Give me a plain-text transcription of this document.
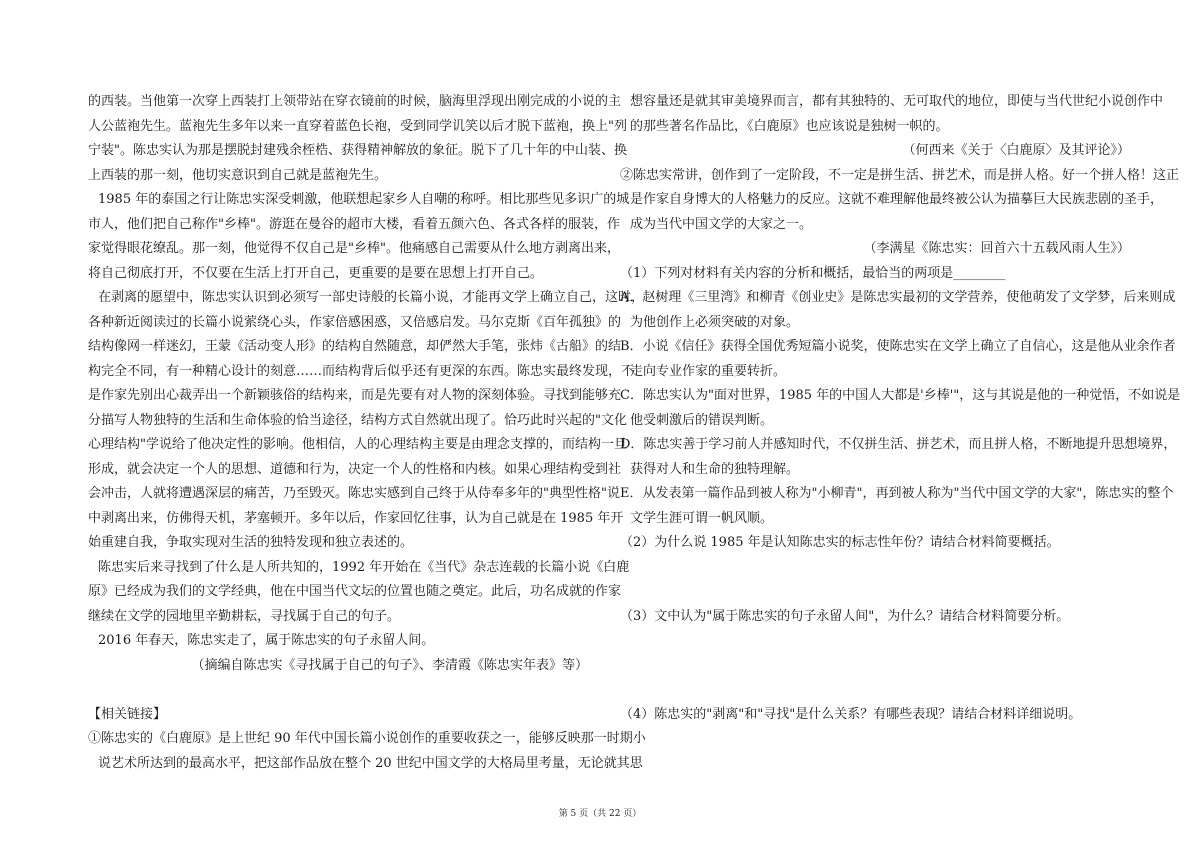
的西装。当他第一次穿上西装打上领带站在穿衣镜前的时候，脑海里浮现出刚完成的小说的主
人公蓝袍先生。蓝袍先生多年以来一直穿着蓝色长袍，受到同学讥笑以后才脱下蓝袍，换上"列
宁装"。陈忠实认为那是摆脱封建残余桎梏、获得精神解放的象征。脱下了几十年的中山装、换
上西装的那一刻，他切实意识到自己就是蓝袍先生。
1985 年的泰国之行让陈忠实深受刺激，他联想起家乡人自嘲的称呼。相比那些见多识广的城
市人，他们把自己称作"乡棒"。游逛在曼谷的超市大楼，看着五颜六色、各式各样的服装，作
家觉得眼花缭乱。那一刻，他觉得不仅自己是"乡棒"。他痛感自己需要从什么地方剥离出来，
将自己彻底打开，不仅要在生活上打开自己，更重要的是要在思想上打开自己。
在剥离的愿望中，陈忠实认识到必须写一部史诗般的长篇小说，才能再文学上确立自己，这时，
各种新近阅读过的长篇小说萦绕心头，作家倍感困惑，又倍感启发。马尔克斯《百年孤独》的
结构像网一样迷幻，王蒙《活动变人形》的结构自然随意，却俨然大手笔，张炜《古船》的结
构完全不同，有一种精心设计的刻意……而结构背后似乎还有更深的东西。陈忠实最终发现，不
是作家先别出心裁弄出一个新颖骇俗的结构来，而是先要有对人物的深刻体验。寻找到能够充
分描写人物独特的生活和生命体验的恰当途径，结构方式自然就出现了。恰巧此时兴起的"文化
心理结构"学说给了他决定性的影响。他相信，人的心理结构主要是由理念支撑的，而结构一旦
形成，就会决定一个人的思想、道德和行为，决定一个人的性格和内核。如果心理结构受到社
会冲击，人就将遭遇深层的痛苦，乃至毁灭。陈忠实感到自己终于从侍奉多年的"典型性格"说
中剥离出来，仿佛得天机，茅塞顿开。多年以后，作家回忆往事，认为自己就是在 1985 年开
始重建自我，争取实现对生活的独特发现和独立表述的。
陈忠实后来寻找到了什么是人所共知的，1992 年开始在《当代》杂志连载的长篇小说《白鹿
原》已经成为我们的文学经典，他在中国当代文坛的位置也随之奠定。此后，功名成就的作家
继续在文学的园地里辛勤耕耘，寻找属于自己的句子。
2016 年春天，陈忠实走了，属于陈忠实的句子永留人间。
（摘编自陈忠实《寻找属于自己的句子》、李清霞《陈忠实年表》等）
【相关链接】
①陈忠实的《白鹿原》是上世纪 90 年代中国长篇小说创作的重要收获之一，能够反映那一时期小
说艺术所达到的最高水平，把这部作品放在整个 20 世纪中国文学的大格局里考量，无论就其思
想容量还是就其审美境界而言，都有其独特的、无可取代的地位，即使与当代世纪小说创作中
的那些著名作品比，《白鹿原》也应该说是独树一帜的。
（何西来《关于〈白鹿原〉及其评论》）
②陈忠实常讲，创作到了一定阶段，不一定是拼生活、拼艺术，而是拼人格。好一个拼人格！这正
是作家自身博大的人格魅力的反应。这就不难理解他最终被公认为描摹巨大民族悲剧的圣手，
成为当代中国文学的大家之一。
（李满星《陈忠实：回首六十五载风雨人生》）
（1）下列对材料有关内容的分析和概括，最恰当的两项是________
A．赵树理《三里湾》和柳青《创业史》是陈忠实最初的文学营养，使他萌发了文学梦，后来则成
为他创作上必须突破的对象。
B．小说《信任》获得全国优秀短篇小说奖，使陈忠实在文学上确立了自信心，这是他从业余作者
走向专业作家的重要转折。
C．陈忠实认为"面对世界，1985 年的中国人大都是'乡棒'"，这与其说是他的一种觉悟，不如说是
他受刺激后的错误判断。
D．陈忠实善于学习前人并感知时代，不仅拼生活、拼艺术，而且拼人格，不断地提升思想境界，
获得对人和生命的独特理解。
E．从发表第一篇作品到被人称为"小柳青"，再到被人称为"当代中国文学的大家"，陈忠实的整个
文学生涯可谓一帆风顺。
（2）为什么说 1985 年是认知陈忠实的标志性年份？请结合材料简要概括。
（3）文中认为"属于陈忠实的句子永留人间"，为什么？请结合材料简要分析。
（4）陈忠实的"剥离"和"寻找"是什么关系？有哪些表现？请结合材料详细说明。
第 5 页（共 22 页）
